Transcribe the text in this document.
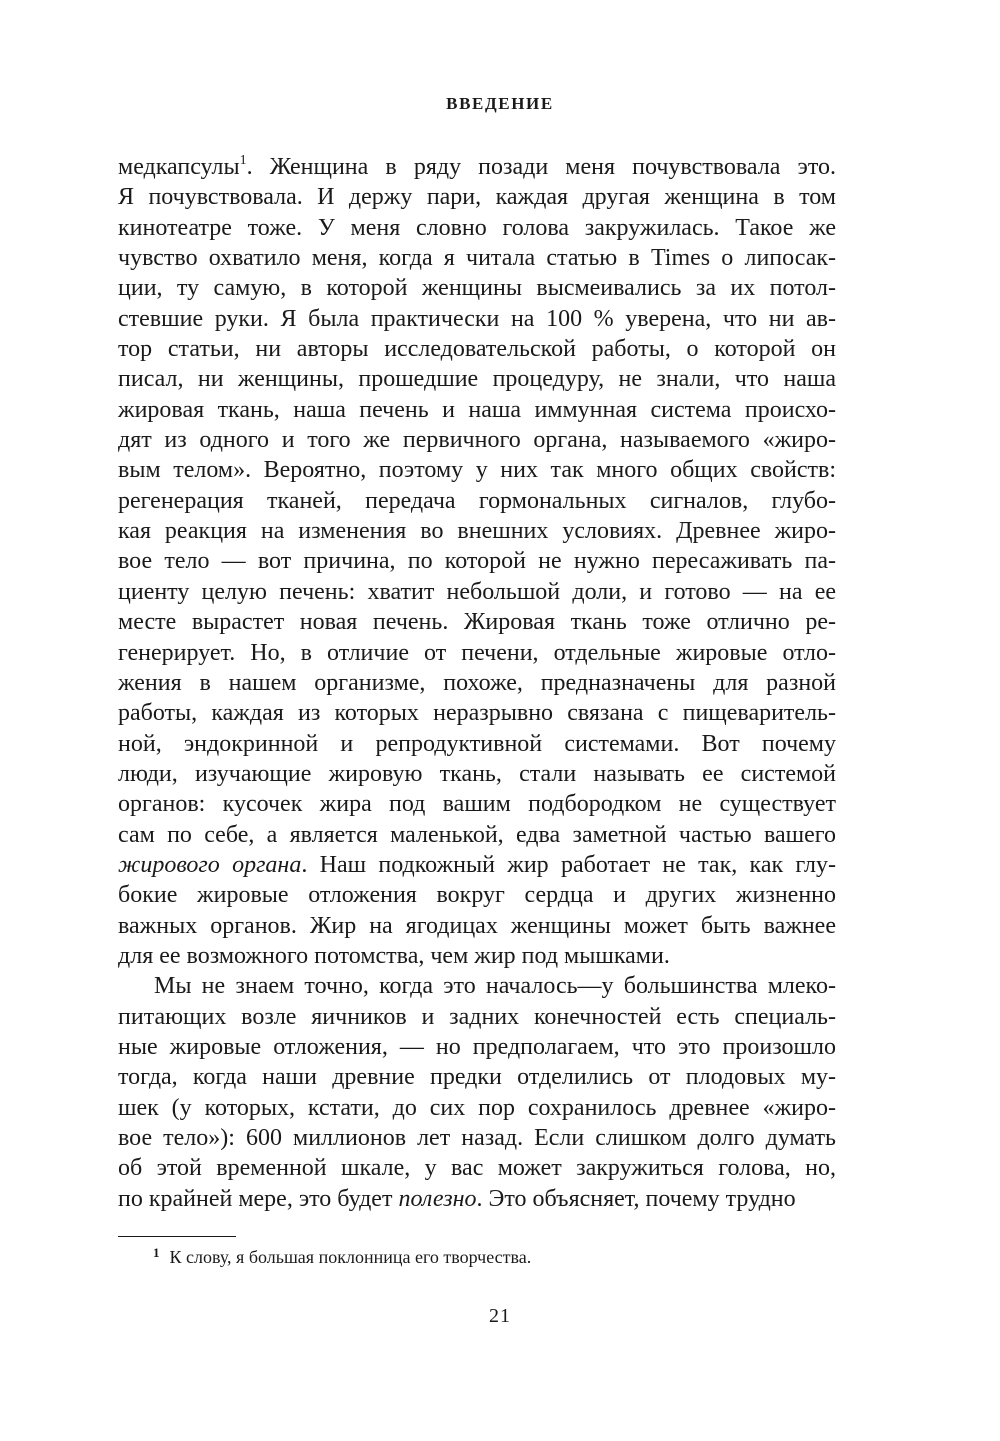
ВВЕДЕНИЕ

медкапсулы$^1$. Женщина в ряду позади меня почувствовала это.
Я почувствовала. И держу пари, каждая другая женщина в том
кинотеатре тоже. У меня словно голова закружилась. Такое же
чувство охватило меня, когда я читала статью в Times о липосак-
ции, ту самую, в которой женщины высмеивались за их потол-
стевшие руки. Я была практически на 100 % уверена, что ни ав-
тор статьи, ни авторы исследовательской работы, о которой он
писал, ни женщины, прошедшие процедуру, не знали, что наша
жировая ткань, наша печень и наша иммунная система происхо-
дят из одного и того же первичного органа, называемого «жиро-
вым телом». Вероятно, поэтому у них так много общих свойств:
регенерация тканей, передача гормональных сигналов, глубо-
кая реакция на изменения во внешних условиях. Древнее жиро-
вое тело — вот причина, по которой не нужно пересаживать па-
циенту целую печень: хватит небольшой доли, и готово — на ее
месте вырастет новая печень. Жировая ткань тоже отлично ре-
генерирует. Но, в отличие от печени, отдельные жировые отло-
жения в нашем организме, похоже, предназначены для разной
работы, каждая из которых неразрывно связана с пищеваритель-
ной, эндокринной и репродуктивной системами. Вот почему
люди, изучающие жировую ткань, стали называть ее системой
органов: кусочек жира под вашим подбородком не существует
сам по себе, а является маленькой, едва заметной частью вашего
жирового органа. Наш подкожный жир работает не так, как глу-
бокие жировые отложения вокруг сердца и других жизненно
важных органов. Жир на ягодицах женщины может быть важнее
для ее возможного потомства, чем жир под мышками.

Мы не знаем точно, когда это началось—у большинства млеко-
питающих возле яичников и задних конечностей есть специаль-
ные жировые отложения, — но предполагаем, что это произошло
тогда, когда наши древние предки отделились от плодовых му-
шек (у которых, кстати, до сих пор сохранилось древнее «жиро-
вое тело»): 600 миллионов лет назад. Если слишком долго думать
об этой временной шкале, у вас может закружиться голова, но,
по крайней мере, это будет полезно. Это объясняет, почему трудно

$^1$ К слову, я большая поклонница его творчества.
21
